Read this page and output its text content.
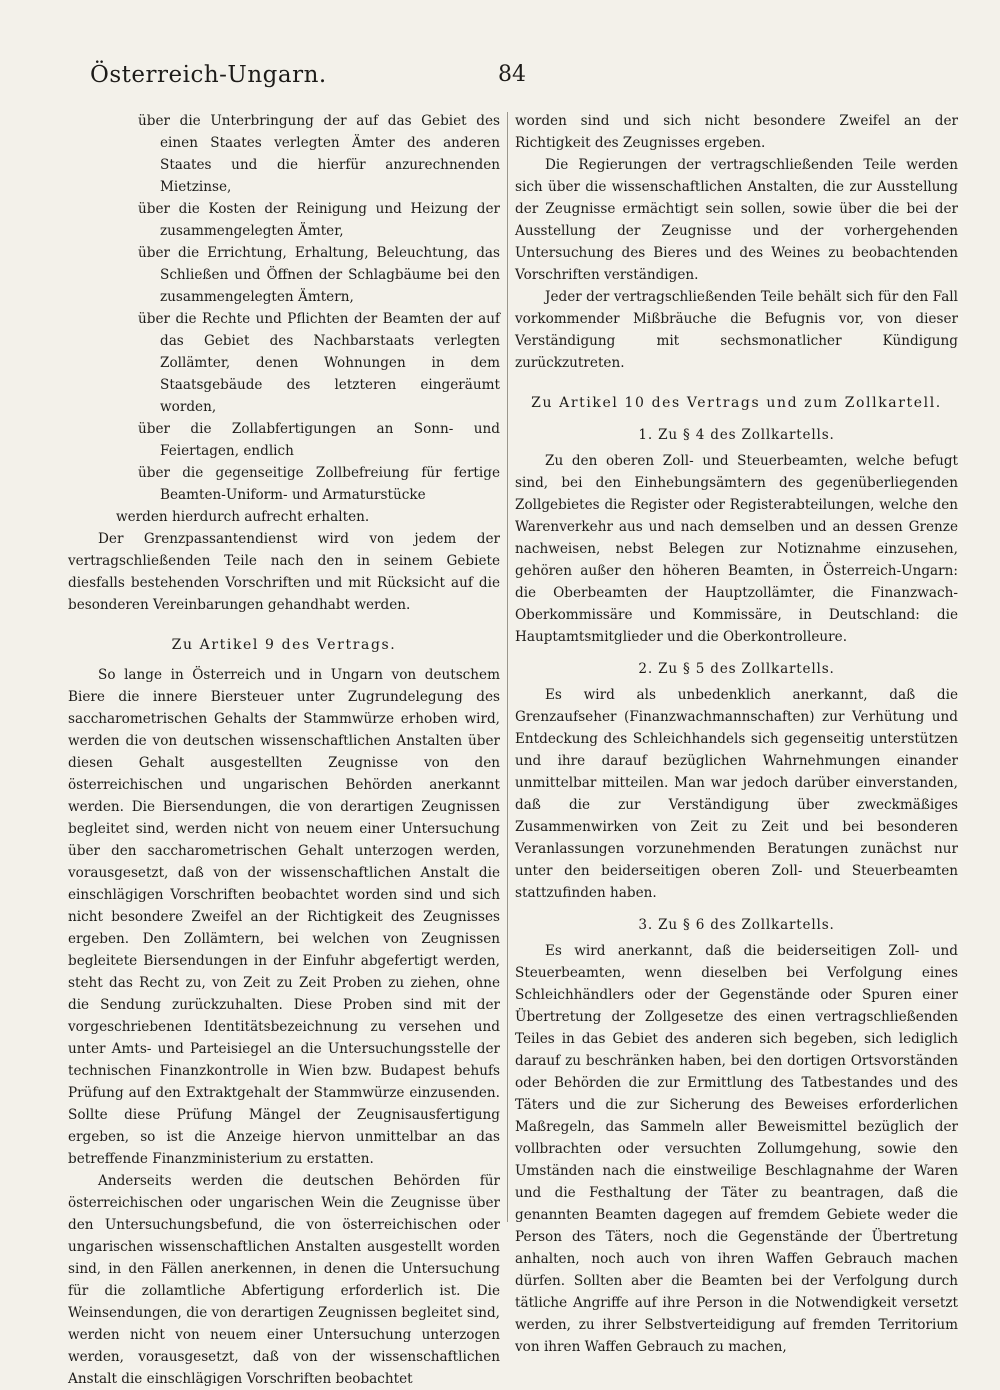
Österreich-Ungarn.	84

über die Unterbringung der auf das Gebiet des einen Staates verlegten Ämter des anderen Staates und die hierfür anzurechnenden Mietzinse,

über die Kosten der Reinigung und Heizung der zusammengelegten Ämter,

über die Errichtung, Erhaltung, Beleuchtung, das Schließen und Öffnen der Schlagbäume bei den zusammengelegten Ämtern,

über die Rechte und Pflichten der Beamten der auf das Gebiet des Nachbarstaats verlegten Zollämter, denen Wohnungen in dem Staatsgebäude des letzteren eingeräumt worden,

über die Zollabfertigungen an Sonn- und Feiertagen, endlich

über die gegenseitige Zollbefreiung für fertige Beamten-Uniform- und Armaturstücke

werden hierdurch aufrecht erhalten.

Der Grenzpassantendienst wird von jedem der vertragschließenden Teile nach den in seinem Gebiete diesfalls bestehenden Vorschriften und mit Rücksicht auf die besonderen Vereinbarungen gehandhabt werden.

Zu Artikel 9 des Vertrags.

So lange in Österreich und in Ungarn von deutschem Biere die innere Biersteuer unter Zugrundelegung des saccharometrischen Gehalts der Stammwürze erhoben wird, werden die von deutschen wissenschaftlichen Anstalten über diesen Gehalt ausgestellten Zeugnisse von den österreichischen und ungarischen Behörden anerkannt werden. Die Biersendungen, die von derartigen Zeugnissen begleitet sind, werden nicht von neuem einer Untersuchung über den saccharometrischen Gehalt unterzogen werden, vorausgesetzt, daß von der wissenschaftlichen Anstalt die einschlägigen Vorschriften beobachtet worden sind und sich nicht besondere Zweifel an der Richtigkeit des Zeugnisses ergeben. Den Zollämtern, bei welchen von Zeugnissen begleitete Biersendungen in der Einfuhr abgefertigt werden, steht das Recht zu, von Zeit zu Zeit Proben zu ziehen, ohne die Sendung zurückzuhalten. Diese Proben sind mit der vorgeschriebenen Identitätsbezeichnung zu versehen und unter Amts- und Parteisiegel an die Untersuchungsstelle der technischen Finanzkontrolle in Wien bzw. Budapest behufs Prüfung auf den Extraktgehalt der Stammwürze einzusenden. Sollte diese Prüfung Mängel der Zeugnisausfertigung ergeben, so ist die Anzeige hiervon unmittelbar an das betreffende Finanzministerium zu erstatten.

Anderseits werden die deutschen Behörden für österreichischen oder ungarischen Wein die Zeugnisse über den Untersuchungsbefund, die von österreichischen oder ungarischen wissenschaftlichen Anstalten ausgestellt worden sind, in den Fällen anerkennen, in denen die Untersuchung für die zollamtliche Abfertigung erforderlich ist. Die Weinsendungen, die von derartigen Zeugnissen begleitet sind, werden nicht von neuem einer Untersuchung unterzogen werden, vorausgesetzt, daß von der wissenschaftlichen Anstalt die einschlägigen Vorschriften beobachtet

worden sind und sich nicht besondere Zweifel an der Richtigkeit des Zeugnisses ergeben.

Die Regierungen der vertragschließenden Teile werden sich über die wissenschaftlichen Anstalten, die zur Ausstellung der Zeugnisse ermächtigt sein sollen, sowie über die bei der Ausstellung der Zeugnisse und der vorhergehenden Untersuchung des Bieres und des Weines zu beobachtenden Vorschriften verständigen.

Jeder der vertragschließenden Teile behält sich für den Fall vorkommender Mißbräuche die Befugnis vor, von dieser Verständigung mit sechsmonatlicher Kündigung zurückzutreten.

Zu Artikel 10 des Vertrags und zum Zollkartell.
1. Zu § 4 des Zollkartells.

Zu den oberen Zoll- und Steuerbeamten, welche befugt sind, bei den Einhebungsämtern des gegenüberliegenden Zollgebietes die Register oder Registerabteilungen, welche den Warenverkehr aus und nach demselben und an dessen Grenze nachweisen, nebst Belegen zur Notiznahme einzusehen, gehören außer den höheren Beamten, in Österreich-Ungarn: die Oberbeamten der Hauptzollämter, die Finanzwach-Oberkommissäre und Kommissäre, in Deutschland: die Hauptamtsmitglieder und die Oberkontrolleure.

2. Zu § 5 des Zollkartells.

Es wird als unbedenklich anerkannt, daß die Grenzaufseher (Finanzwachmannschaften) zur Verhütung und Entdeckung des Schleichhandels sich gegenseitig unterstützen und ihre darauf bezüglichen Wahrnehmungen einander unmittelbar mitteilen. Man war jedoch darüber einverstanden, daß die zur Verständigung über zweckmäßiges Zusammenwirken von Zeit zu Zeit und bei besonderen Veranlassungen vorzunehmenden Beratungen zunächst nur unter den beiderseitigen oberen Zoll- und Steuerbeamten stattzufinden haben.

3. Zu § 6 des Zollkartells.

Es wird anerkannt, daß die beiderseitigen Zoll- und Steuerbeamten, wenn dieselben bei Verfolgung eines Schleichhändlers oder der Gegenstände oder Spuren einer Übertretung der Zollgesetze des einen vertragschließenden Teiles in das Gebiet des anderen sich begeben, sich lediglich darauf zu beschränken haben, bei den dortigen Ortsvorständen oder Behörden die zur Ermittlung des Tatbestandes und des Täters und die zur Sicherung des Beweises erforderlichen Maßregeln, das Sammeln aller Beweismittel bezüglich der vollbrachten oder versuchten Zollumgehung, sowie den Umständen nach die einstweilige Beschlagnahme der Waren und die Festhaltung der Täter zu beantragen, daß die genannten Beamten dagegen auf fremdem Gebiete weder die Person des Täters, noch die Gegenstände der Übertretung anhalten, noch auch von ihren Waffen Gebrauch machen dürfen. Sollten aber die Beamten bei der Verfolgung durch tätliche Angriffe auf ihre Person in die Notwendigkeit versetzt werden, zu ihrer Selbstverteidigung auf fremden Territorium von ihren Waffen Gebrauch zu machen,
